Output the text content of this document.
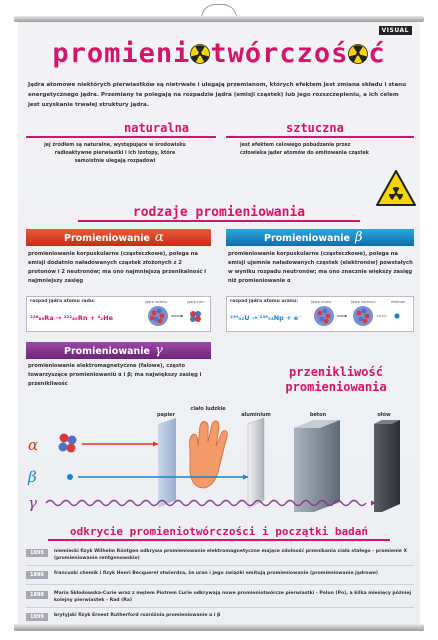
VISUAL
promieni twórczoś ć
Jądra atomowe niektórych pierwiastków są nietrwałe i ulegają przemianom, których efektem jest zmiana składu i stanu energetycznego jądra. Przemiany te polegają na rozpadzie jądra (emisji cząstek) lub jego rozszczepieniu, a ich celem jest uzyskanie trwałej struktury jądra.
naturalna
jej źródłem są naturalne, występujące w środowisku radioaktywne pierwiastki i ich izotopy, które samoistnie ulegają rozpadowi
sztuczna
jest efektem celowego pobudzania przez człowieka jąder atomów do emitowania cząstek
rodzaje promieniowania
Promieniowanie α
promieniowanie korpuskularne (cząsteczkowe), polega na emisji dodatnio naładowanych cząstek złożonych z 2 protonów i 2 neutronów; ma ono najmniejszą przenikalność i najmniejszy zasięg
rozpad jądra atomu radu:
²²⁶₈₈Ra → ²²²₈₆Rn + ⁴₂He
jądro radonu	jądro helu
Promieniowanie β
promieniowanie korpuskularne (cząsteczkowe), polega na emisji ujemnie naładowanych cząstek (elektronów) powstałych w wyniku rozpadu neutronów; ma ono znacznie większy zasięg niż promieniowanie α
rozpad jądra atomu uranu:
²³⁹₉₂U → ²³⁹₉₃Np + e⁻
jądro uranu	jądro neptunu	elektron
Promieniowanie γ
promieniowanie elektromagnetyczne (falowe), często towarzyszące promieniowaniu α i β; ma największy zasięg i przenikliwość
przenikliwość
promieniowania
papier
ciało ludzkie
aluminium	beton	ołów
α
β
γ
odkrycie promieniotwórczości i początki badań
1895	niemiecki fizyk Wilhelm Röntgen odkrywa promieniowanie elektromagnetyczne mające zdolność przenikania ciała stałego - promienie X (promieniowanie rentgenowskie)
1896	francuski chemik i fizyk Henri Becquerel stwierdza, że uran i jego związki emitują promieniowanie (promieniowanie jądrowe)
1898	Maria Skłodowska-Curie wraz z mężem Piotrem Curie odkrywają nowe promieniotwórcze pierwiastki - Polon (Po), a kilka miesięcy później kolejny pierwiastek - Rad (Ra)
1899	brytyjski fizyk Ernest Rutherford rozróżnia promieniowanie α i β
